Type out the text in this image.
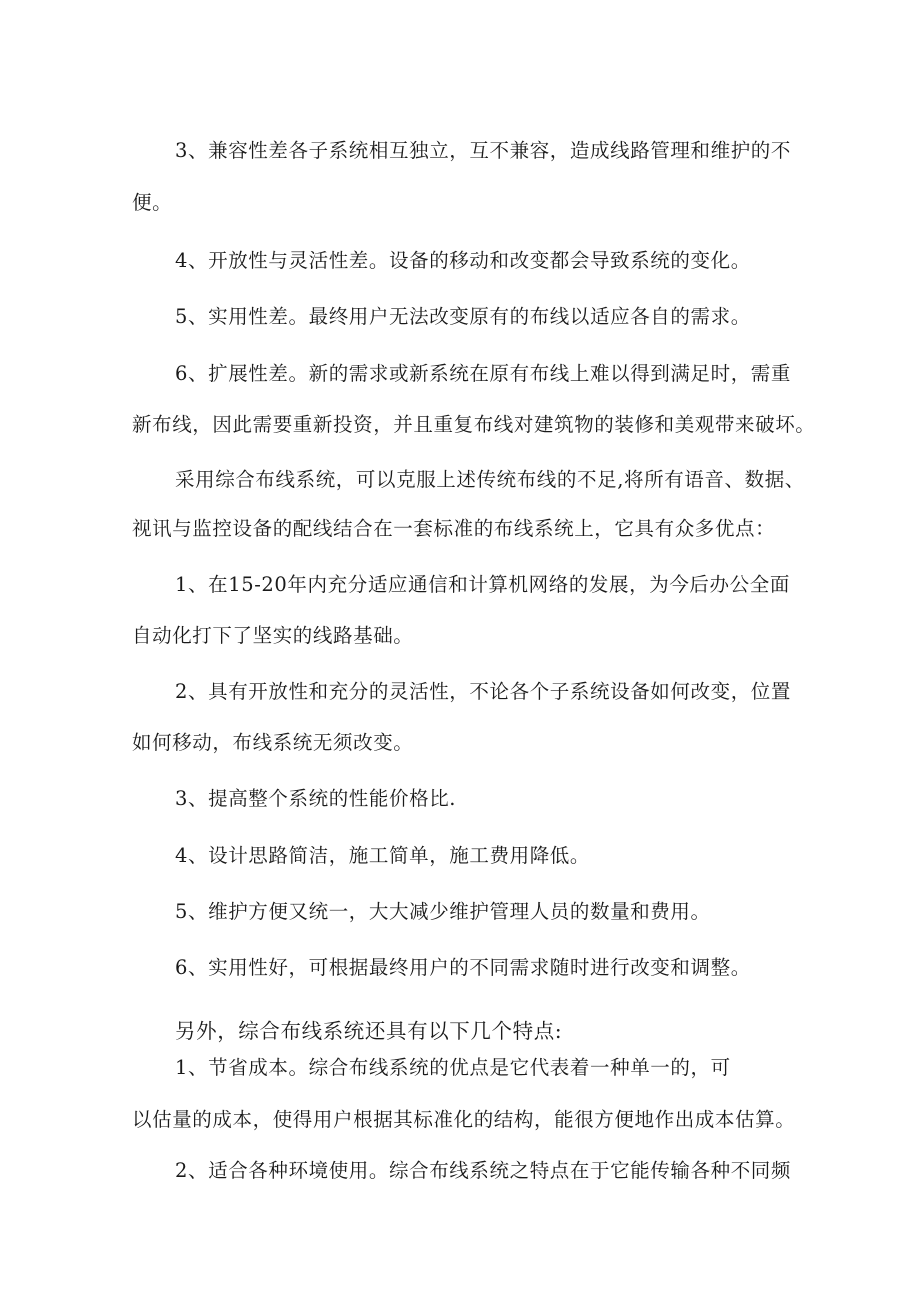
3、兼容性差各子系统相互独立，互不兼容，造成线路管理和维护的不

便。

4、开放性与灵活性差。设备的移动和改变都会导致系统的变化。

5、实用性差。最终用户无法改变原有的布线以适应各自的需求。

6、扩展性差。新的需求或新系统在原有布线上难以得到满足时，需重

新布线，因此需要重新投资，并且重复布线对建筑物的装修和美观带来破坏。

采用综合布线系统，可以克服上述传统布线的不足,将所有语音、数据、

视讯与监控设备的配线结合在一套标准的布线系统上，它具有众多优点：

1、在15-20年内充分适应通信和计算机网络的发展，为今后办公全面

自动化打下了坚实的线路基础。

2、具有开放性和充分的灵活性，不论各个子系统设备如何改变，位置

如何移动，布线系统无须改变。

3、提高整个系统的性能价格比.

4、设计思路简洁，施工简单，施工费用降低。

5、维护方便又统一，大大减少维护管理人员的数量和费用。

6、实用性好，可根据最终用户的不同需求随时进行改变和调整。

另外，综合布线系统还具有以下几个特点:

1、节省成本。综合布线系统的优点是它代表着一种单一的，可

以估量的成本，使得用户根据其标准化的结构，能很方便地作出成本估算。

2、适合各种环境使用。综合布线系统之特点在于它能传输各种不同频
